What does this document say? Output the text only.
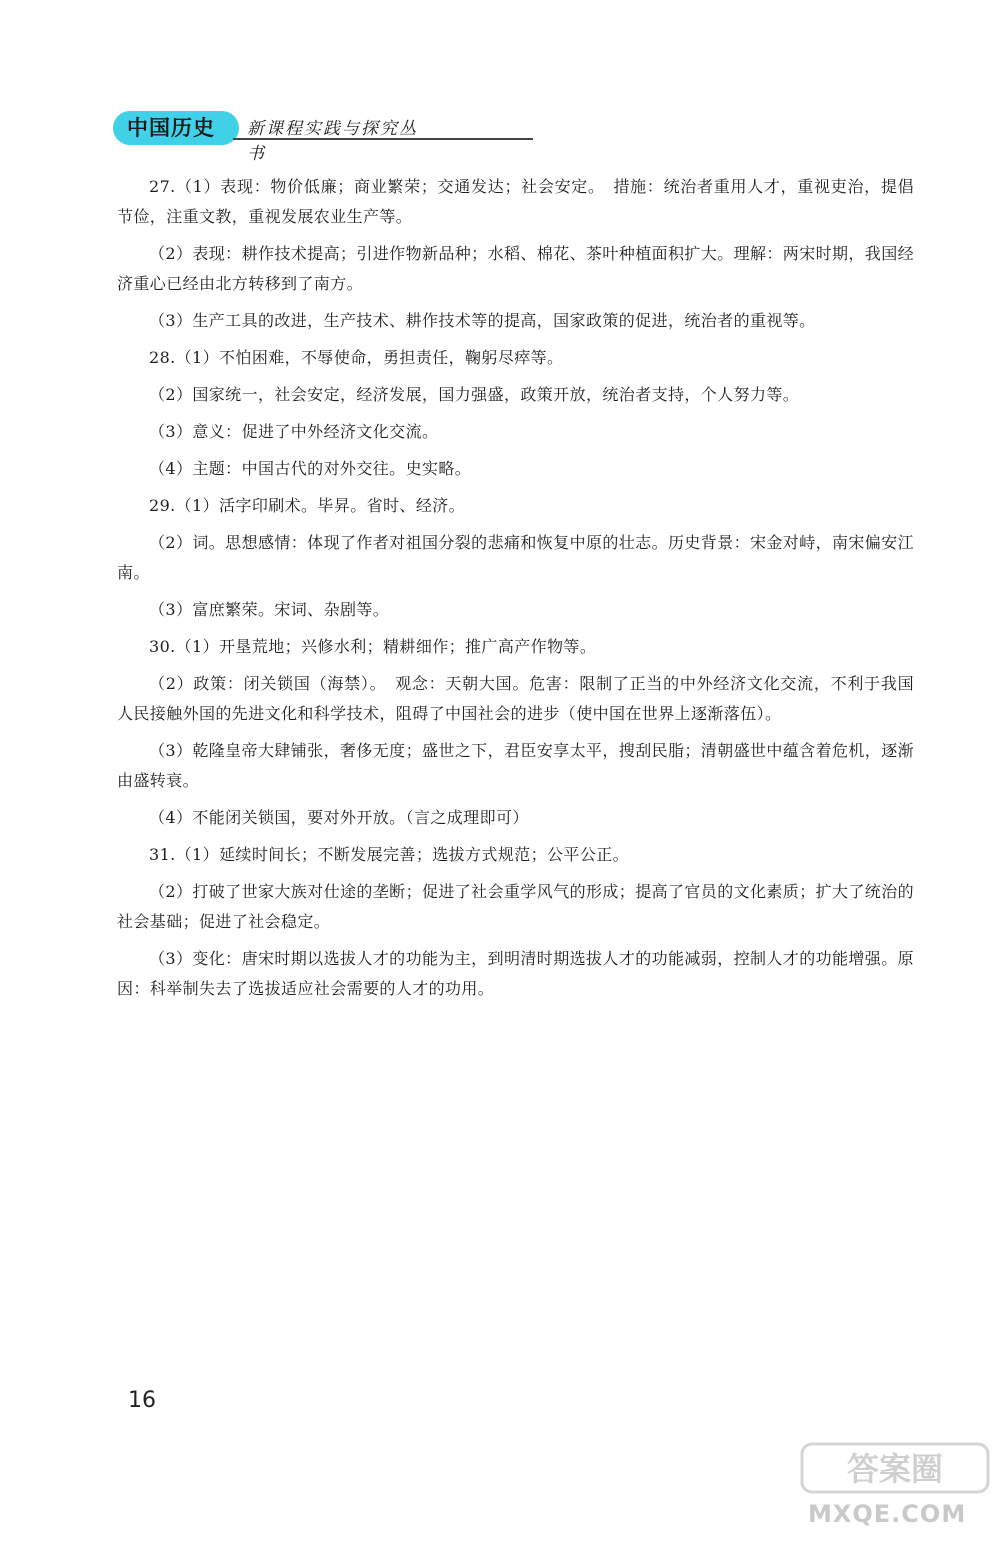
中国历史 新课程实践与探究丛书

27.（1）表现：物价低廉；商业繁荣；交通发达；社会安定。　措施：统治者重用人才，重视吏治，提倡节俭，注重文教，重视发展农业生产等。

（2）表现：耕作技术提高；引进作物新品种；水稻、棉花、茶叶种植面积扩大。理解：两宋时期，我国经济重心已经由北方转移到了南方。

（3）生产工具的改进，生产技术、耕作技术等的提高，国家政策的促进，统治者的重视等。

28.（1）不怕困难，不辱使命，勇担责任，鞠躬尽瘁等。

（2）国家统一，社会安定，经济发展，国力强盛，政策开放，统治者支持，个人努力等。

（3）意义：促进了中外经济文化交流。

（4）主题：中国古代的对外交往。史实略。

29.（1）活字印刷术。毕昇。省时、经济。

（2）词。思想感情：体现了作者对祖国分裂的悲痛和恢复中原的壮志。历史背景：宋金对峙，南宋偏安江南。

（3）富庶繁荣。宋词、杂剧等。

30.（1）开垦荒地；兴修水利；精耕细作；推广高产作物等。

（2）政策：闭关锁国（海禁）。　观念：天朝大国。危害：限制了正当的中外经济文化交流，不利于我国人民接触外国的先进文化和科学技术，阻碍了中国社会的进步（使中国在世界上逐渐落伍）。

（3）乾隆皇帝大肆铺张，奢侈无度；盛世之下，君臣安享太平，搜刮民脂；清朝盛世中蕴含着危机，逐渐由盛转衰。

（4）不能闭关锁国，要对外开放。（言之成理即可）

31.（1）延续时间长；不断发展完善；选拔方式规范；公平公正。

（2）打破了世家大族对仕途的垄断；促进了社会重学风气的形成；提高了官员的文化素质；扩大了统治的社会基础；促进了社会稳定。

（3）变化：唐宋时期以选拔人才的功能为主，到明清时期选拔人才的功能减弱，控制人才的功能增强。原因：科举制失去了选拔适应社会需要的人才的功用。

16
答案圈
MXQE.COM
